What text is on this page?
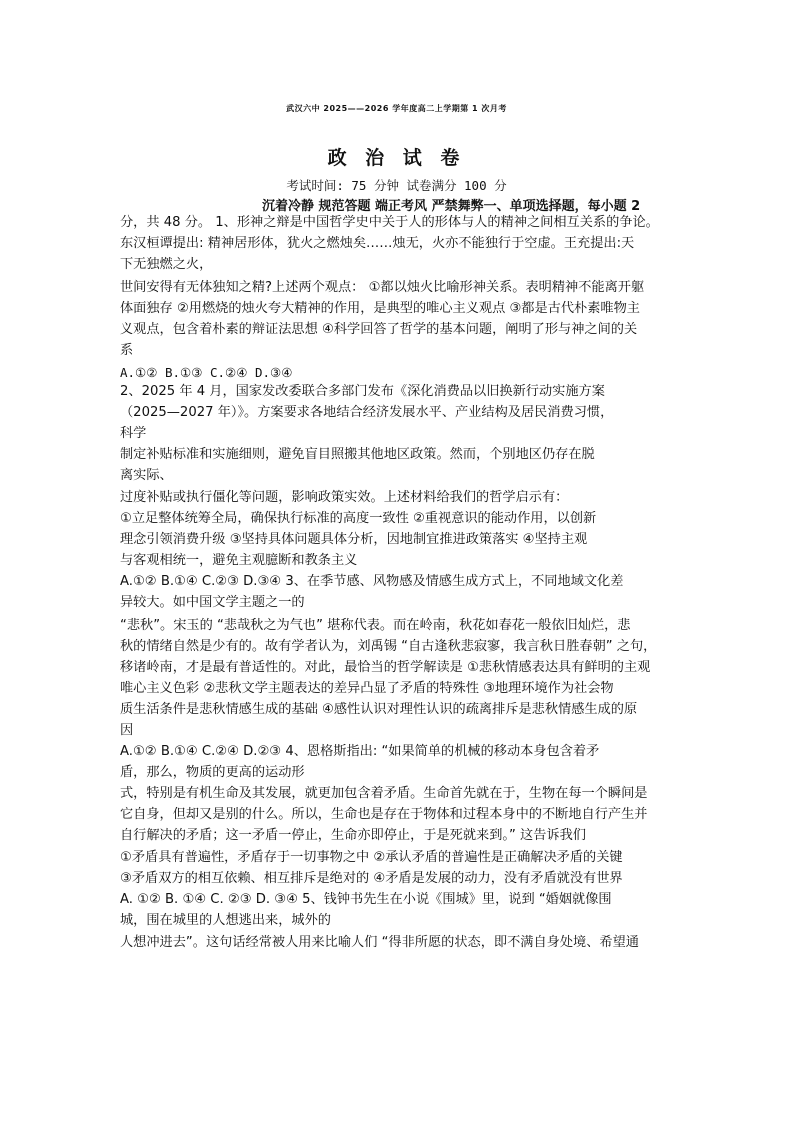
武汉六中 2025——2026 学年度高二上学期第 1 次月考
政 治 试 卷
考试时间: 75 分钟 试卷满分 100 分
沉着冷静 规范答题 端正考风 严禁舞弊一、单项选择题，每小题 2
分，共 48 分。 1、形神之辩是中国哲学史中关于人的形体与人的精神之间相互关系的争论。
东汉桓谭提出: 精神居形体，犹火之燃烛矣……烛无，火亦不能独行于空虚。王充提出:天
下无独燃之火，
世间安得有无体独知之精?上述两个观点： ①都以烛火比喻形神关系。表明精神不能离开躯
体面独存 ②用燃烧的烛火夸大精神的作用，是典型的唯心主义观点 ③都是古代朴素唯物主
义观点，包含着朴素的辩证法思想 ④科学回答了哲学的基本问题，阐明了形与神之间的关
系
A.①② B.①③ C.②④ D.③④
2、2025 年 4 月，国家发改委联合多部门发布《深化消费品以旧换新行动实施方案
（2025—2027 年）》。方案要求各地结合经济发展水平、产业结构及居民消费习惯，
科学
制定补贴标准和实施细则，避免盲目照搬其他地区政策。然而，个别地区仍存在脱
离实际、
过度补贴或执行僵化等问题，影响政策实效。上述材料给我们的哲学启示有：
①立足整体统筹全局，确保执行标准的高度一致性 ②重视意识的能动作用，以创新
理念引领消费升级 ③坚持具体问题具体分析，因地制宜推进政策落实 ④坚持主观
与客观相统一，避免主观臆断和教条主义
A.①② B.①④ C.②③ D.③④ 3、在季节感、风物感及情感生成方式上，不同地域文化差
异较大。如中国文学主题之一的
“悲秋”。宋玉的 “悲哉秋之为气也” 堪称代表。而在岭南，秋花如春花一般依旧灿烂，悲
秋的情绪自然是少有的。故有学者认为，刘禹锡 “自古逢秋悲寂寥，我言秋日胜春朝” 之句，
移诸岭南，才是最有普适性的。对此，最恰当的哲学解读是 ①悲秋情感表达具有鲜明的主观
唯心主义色彩 ②悲秋文学主题表达的差异凸显了矛盾的特殊性 ③地理环境作为社会物
质生活条件是悲秋情感生成的基础 ④感性认识对理性认识的疏离排斥是悲秋情感生成的原
因
A.①② B.①④ C.②④ D.②③ 4、恩格斯指出: “如果简单的机械的移动本身包含着矛
盾，那么，物质的更高的运动形
式，特别是有机生命及其发展，就更加包含着矛盾。生命首先就在于，生物在每一个瞬间是
它自身，但却又是别的什么。所以，生命也是存在于物体和过程本身中的不断地自行产生并
自行解决的矛盾；这一矛盾一停止，生命亦即停止，于是死就来到。” 这告诉我们
①矛盾具有普遍性，矛盾存于一切事物之中 ②承认矛盾的普遍性是正确解决矛盾的关键
③矛盾双方的相互依赖、相互排斥是绝对的 ④矛盾是发展的动力，没有矛盾就没有世界
A. ①② B. ①④ C. ②③ D. ③④ 5、钱钟书先生在小说《围城》里，说到 “婚姻就像围
城，围在城里的人想逃出来，城外的
人想冲进去”。这句话经常被人用来比喻人们 “得非所愿的状态，即不满自身处境、希望通
